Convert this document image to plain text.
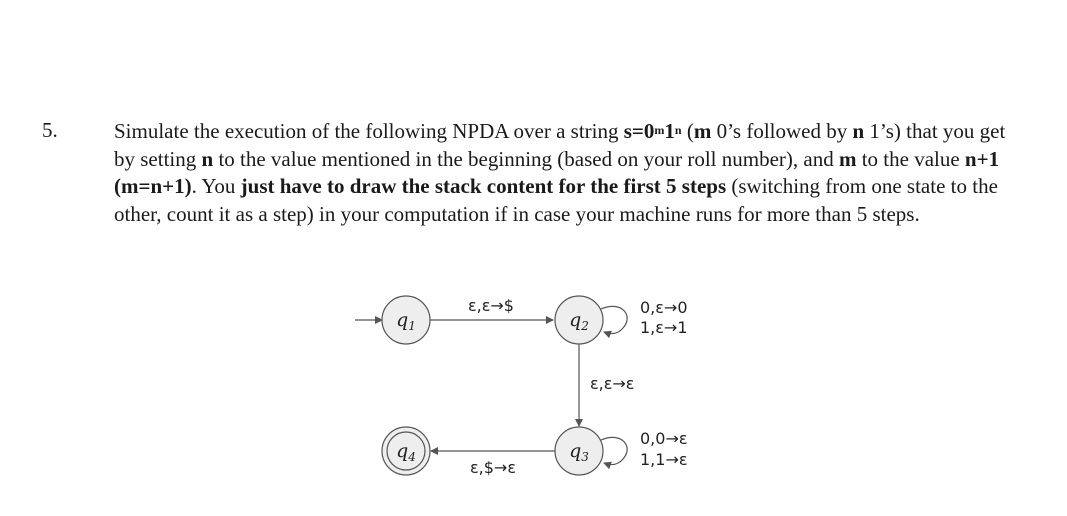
5.	Simulate the execution of the following NPDA over a string $s=0^m1^n$ (m 0’s followed by n 1’s) that you get by setting n to the value mentioned in the beginning (based on your roll number), and m to the value n+1 (m=n+1). You just have to draw the stack content for the first 5 steps (switching from one state to the other, count it as a step) in your computation if in case your machine runs for more than 5 steps.
$q_1$
ε,ε→$
$q_2$
0,ε→0
1,ε→1
ε,ε→ε
$q_3$
0,0→ε
1,1→ε
ε,$→ε
$q_4$
